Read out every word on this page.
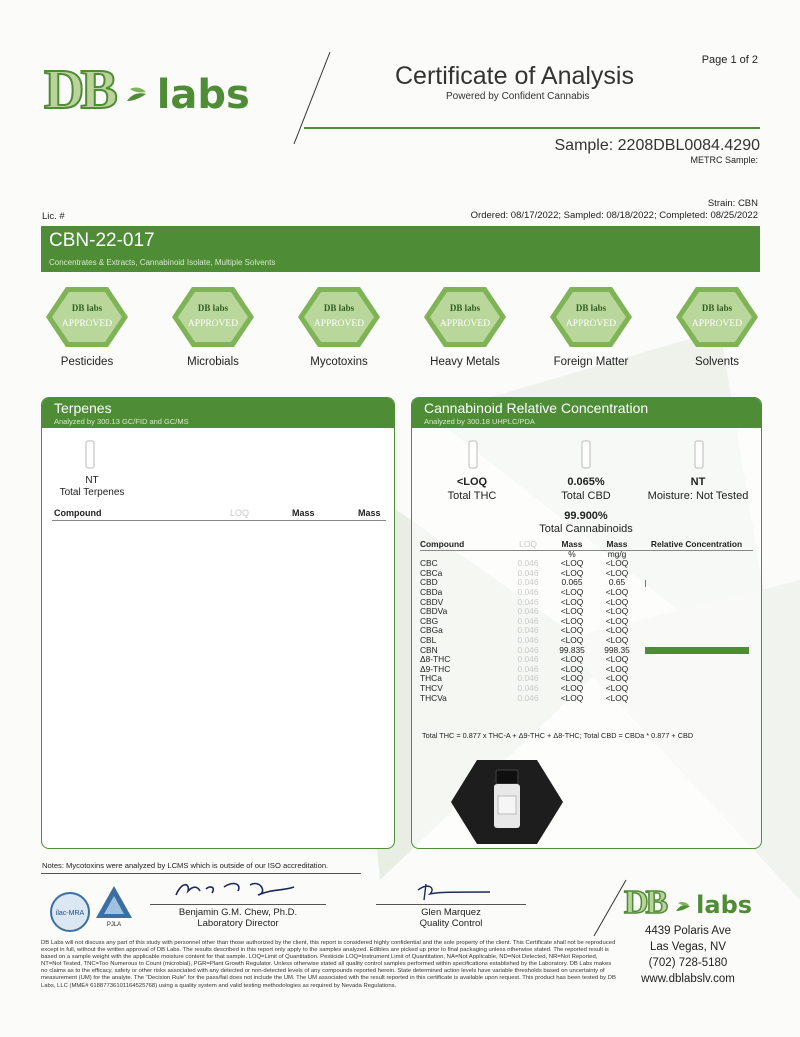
DB labs
Page 1 of 2
Certificate of Analysis
Powered by Confident Cannabis
Sample: 2208DBL0084.4290
METRC Sample:
Strain: CBN
Lic. #	Ordered: 08/17/2022; Sampled: 08/18/2022; Completed: 08/25/2022
CBN-22-017
Concentrates & Extracts, Cannabinoid Isolate, Multiple Solvents
DB labs
APPROVED
Pesticides
DB labs
APPROVED
Microbials
DB labs
APPROVED
Mycotoxins
DB labs
APPROVED
Heavy Metals
DB labs
APPROVED
Foreign Matter
DB labs
APPROVED
Solvents
Terpenes
Analyzed by 300.13 GC/FID and GC/MS
NT
Total Terpenes
Compound	LOQ	Mass	Mass
Cannabinoid Relative Concentration
Analyzed by 300.18 UHPLC/PDA
<LOQ
Total THC
0.065%
Total CBD
NT
Moisture: Not Tested
99.900%
Total Cannabinoids
Compound	LOQ	Mass	Mass	Relative Concentration
		%	mg/g	
CBC	0.046	<LOQ	<LOQ	
CBCa	0.046	<LOQ	<LOQ	
CBD	0.046	0.065	0.65	

CBDa	0.046	<LOQ	<LOQ	
CBDV	0.046	<LOQ	<LOQ	
CBDVa	0.046	<LOQ	<LOQ	
CBG	0.046	<LOQ	<LOQ	
CBGa	0.046	<LOQ	<LOQ	
CBL	0.046	<LOQ	<LOQ	
CBN	0.046	99.835	998.35	

Δ8-THC	0.046	<LOQ	<LOQ	
Δ9-THC	0.046	<LOQ	<LOQ	
THCa	0.046	<LOQ	<LOQ	
THCV	0.046	<LOQ	<LOQ	
THCVa	0.046	<LOQ	<LOQ	
Total THC = 0.877 x THC-A + Δ9-THC + Δ8-THC; Total CBD = CBDa * 0.877 + CBD
Notes: Mycotoxins were analyzed by LCMS which is outside of our ISO accreditation.
ilac-MRA
PJLA
Benjamin G.M. Chew, Ph.D.
Laboratory Director
Glen Marquez
Quality Control
DB labs
4439 Polaris Ave
Las Vegas, NV
(702) 728-5180
www.dblabslv.com
DB Labs will not discuss any part of this study with personnel other than those authorized by the client, this report is considered highly confidential and the sole property of the client. This Certificate shall not be reproduced except in full, without the written approval of DB Labs. The results described in this report only apply to the samples analyzed. Edibles are picked up prior to final packaging unless otherwise stated. The reported result is based on a sample weight with the applicable moisture content for that sample. LOQ=Limit of Quantitation. Pesticide LOQ=Instrument Limit of Quantitation, NA=Not Applicable, ND=Not Detected, NR=Not Reported, NT=Not Tested, TNC=Too Numerous to Count (microbial), PGR=Plant Growth Regulator. Unless otherwise stated all quality control samples performed within specifications established by the Laboratory. DB Labs makes no claims as to the efficacy, safety or other risks associated with any detected or non-detected levels of any compounds reported herein. State determined action levels have variable thresholds based on uncertainty of measurement (UM) for the analyte. The "Decision Rule" for the pass/fail does not include the UM. The UM associated with the result reported in this certificate is available upon request. This product has been tested by DB Labs, LLC (MME# 61887736101164525768) using a quality system and valid testing methodologies as required by Nevada Regulations.
